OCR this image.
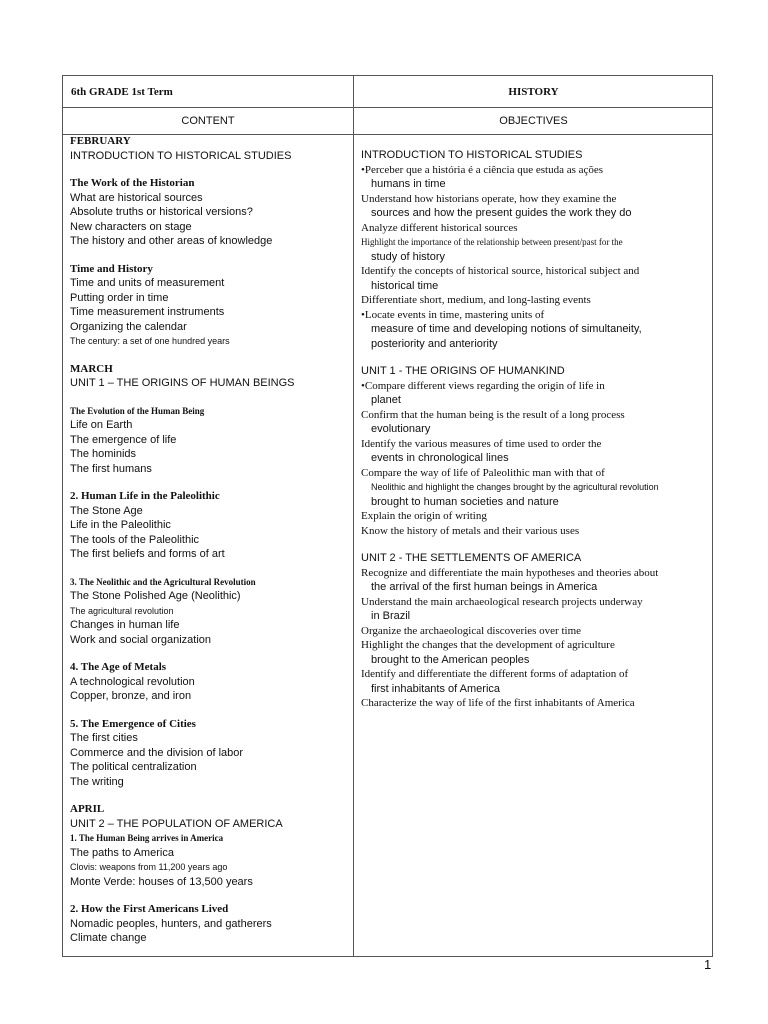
6th GRADE 1st Term	HISTORY
CONTENT	OBJECTIVES
FEBRUARY
INTRODUCTION TO HISTORICAL STUDIES
The Work of the Historian
What are historical sources
Absolute truths or historical versions?
New characters on stage
The history and other areas of knowledge
Time and History
Time and units of measurement
Putting order in time
Time measurement instruments
Organizing the calendar
The century: a set of one hundred years
MARCH
UNIT 1 – THE ORIGINS OF HUMAN BEINGS
The Evolution of the Human Being
Life on Earth
The emergence of life
The hominids
The first humans
2. Human Life in the Paleolithic
The Stone Age
Life in the Paleolithic
The tools of the Paleolithic
The first beliefs and forms of art
3. The Neolithic and the Agricultural Revolution
The Stone Polished Age (Neolithic)
The agricultural revolution
Changes in human life
Work and social organization
4. The Age of Metals
A technological revolution
Copper, bronze, and iron
5. The Emergence of Cities
The first cities
Commerce and the division of labor
The political centralization
The writing
APRIL
UNIT 2 – THE POPULATION OF AMERICA
1. The Human Being arrives in America
The paths to America
Clovis: weapons from 11,200 years ago
Monte Verde: houses of 13,500 years
2. How the First Americans Lived
Nomadic peoples, hunters, and gatherers
Climate change
INTRODUCTION TO HISTORICAL STUDIES
•Perceber que a história é a ciência que estuda as ações
humans in time
Understand how historians operate, how they examine the
sources and how the present guides the work they do
Analyze different historical sources
Highlight the importance of the relationship between present/past for the
study of history
Identify the concepts of historical source, historical subject and
historical time
Differentiate short, medium, and long-lasting events
•Locate events in time, mastering units of
measure of time and developing notions of simultaneity,
posteriority and anteriority
UNIT 1 - THE ORIGINS OF HUMANKIND
•Compare different views regarding the origin of life in
planet
Confirm that the human being is the result of a long process
evolutionary
Identify the various measures of time used to order the
events in chronological lines
Compare the way of life of Paleolithic man with that of
Neolithic and highlight the changes brought by the agricultural revolution
brought to human societies and nature
Explain the origin of writing
Know the history of metals and their various uses
UNIT 2 - THE SETTLEMENTS OF AMERICA
Recognize and differentiate the main hypotheses and theories about
the arrival of the first human beings in America
Understand the main archaeological research projects underway
in Brazil
Organize the archaeological discoveries over time
Highlight the changes that the development of agriculture
brought to the American peoples
Identify and differentiate the different forms of adaptation of
first inhabitants of America
Characterize the way of life of the first inhabitants of America
1
